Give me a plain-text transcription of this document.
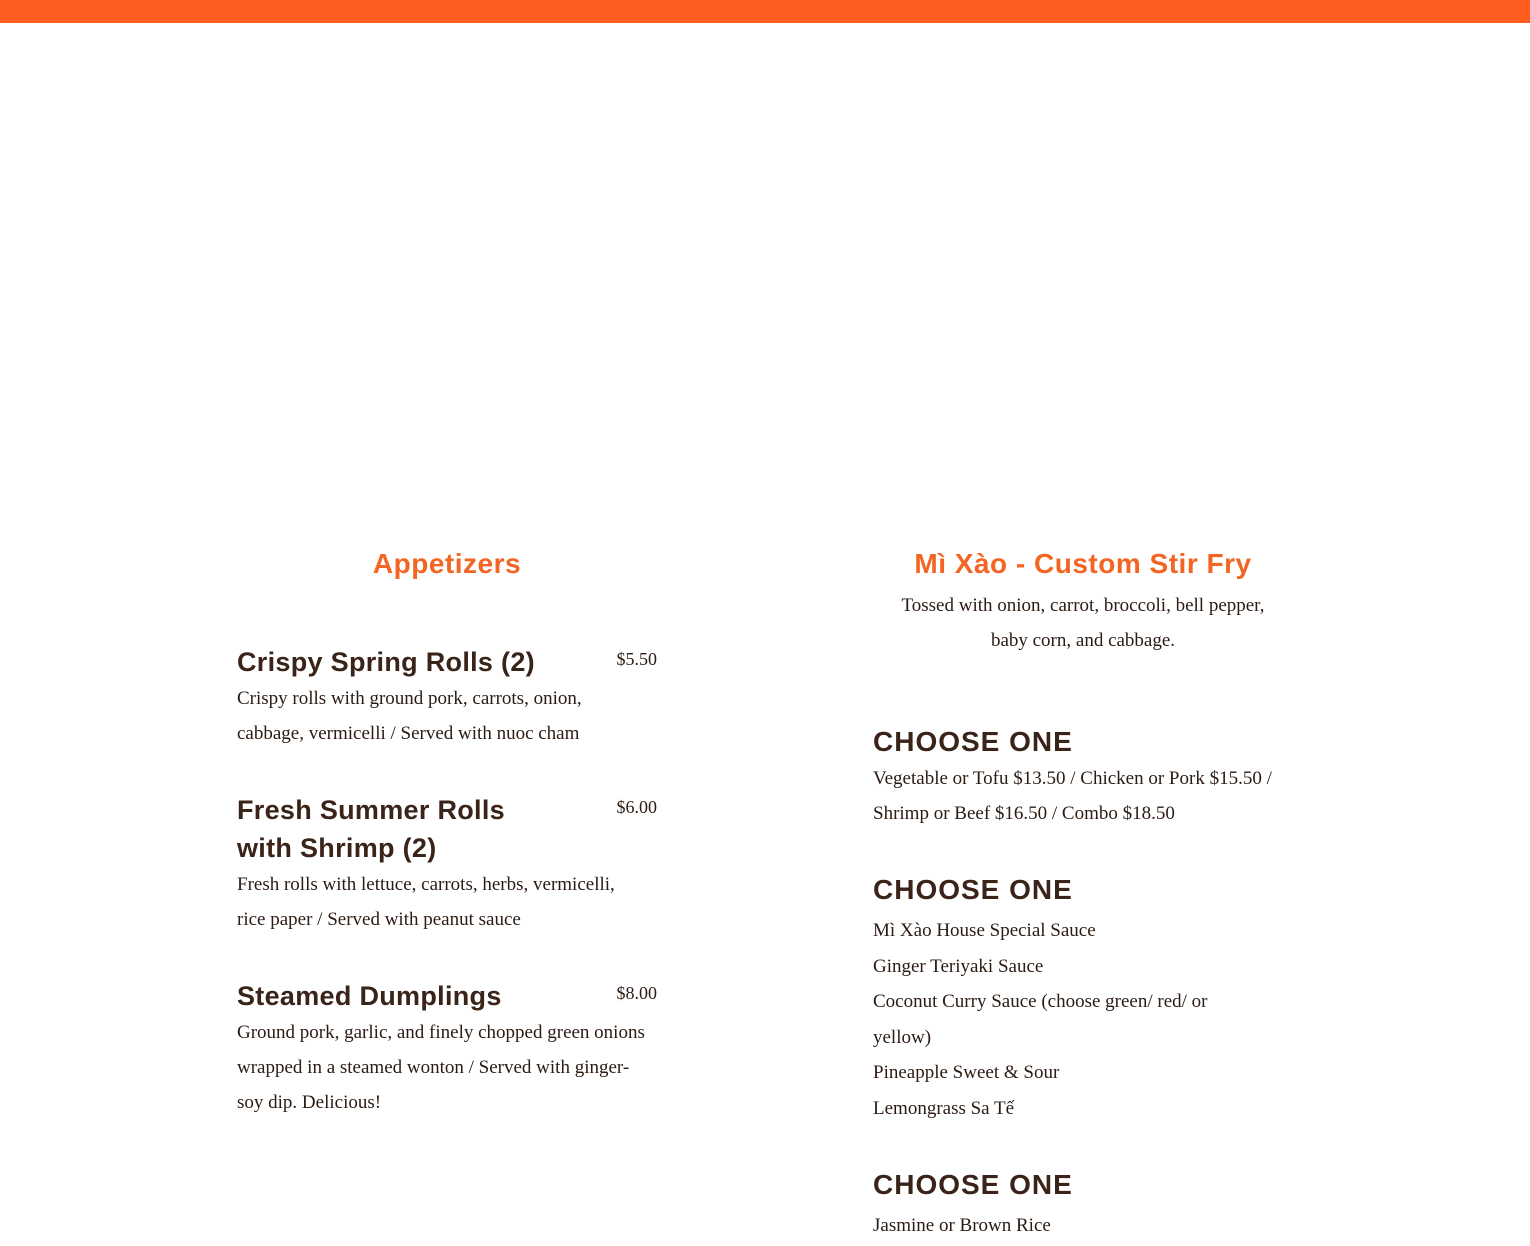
Appetizers
Crispy Spring Rolls (2)	$5.50

Crispy rolls with ground pork, carrots, onion, cabbage, vermicelli / Served with nuoc cham

Fresh Summer Rolls with Shrimp (2)
$6.00

Fresh rolls with lettuce, carrots, herbs, vermicelli, rice paper / Served with peanut sauce

Steamed Dumplings	$8.00

Ground pork, garlic, and finely chopped green onions wrapped in a steamed wonton / Served with ginger-soy dip. Delicious!

Mì Xào - Custom Stir Fry

Tossed with onion, carrot, broccoli, bell pepper, baby corn, and cabbage.

CHOOSE ONE

Vegetable or Tofu $13.50 / Chicken or Pork $15.50 / Shrimp or Beef $16.50 / Combo $18.50

CHOOSE ONE

Mì Xào House Special Sauce

Ginger Teriyaki Sauce

Coconut Curry Sauce (choose green/ red/ or yellow)

Pineapple Sweet & Sour

Lemongrass Sa Tế

CHOOSE ONE

Jasmine or Brown Rice
